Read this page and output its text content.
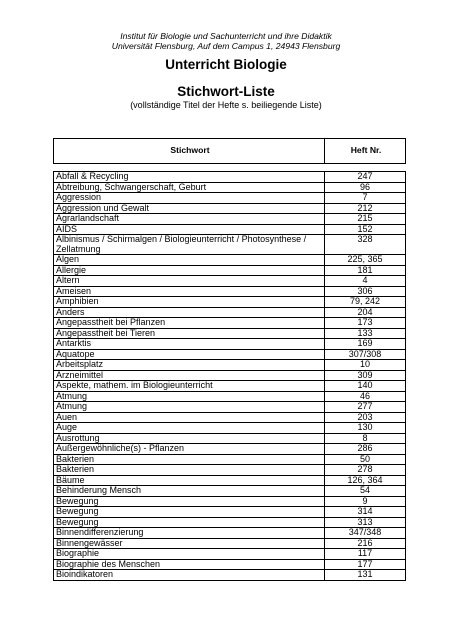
Institut für Biologie und Sachunterricht und ihre Didaktik
Universität Flensburg, Auf dem Campus 1, 24943 Flensburg
Unterricht Biologie
Stichwort-Liste
(vollständige Titel der Hefte s. beiliegende Liste)
Stichwort	Heft Nr.

Abfall & Recycling	247
Abtreibung, Schwangerschaft, Geburt	96
Aggression	7
Aggression und Gewalt	212
Agrarlandschaft	215
AIDS	152
Albinismus / Schirmalgen / Biologieunterricht / Photosynthese / Zellatmung	328
Algen	225, 365
Allergie	181
Altern	4
Ameisen	306
Amphibien	79, 242
Anders	204
Angepasstheit bei Pflanzen	173
Angepasstheit bei Tieren	133
Antarktis	169
Aquatope	307/308
Arbeitsplatz	10
Arzneimittel	309
Aspekte, mathem. im Biologieunterricht	140
Atmung	46
Atmung	277
Auen	203
Auge	130
Ausrottung	8
Außergewöhnliche(s) - Pflanzen	286
Bakterien	50
Bakterien	278
Bäume	126, 364
Behinderung Mensch	54
Bewegung	9
Bewegung	314
Bewegung	313
Binnendifferenzierung	347/348
Binnengewässer	216
Biographie	117
Biographie des Menschen	177
Bioindikatoren	131
